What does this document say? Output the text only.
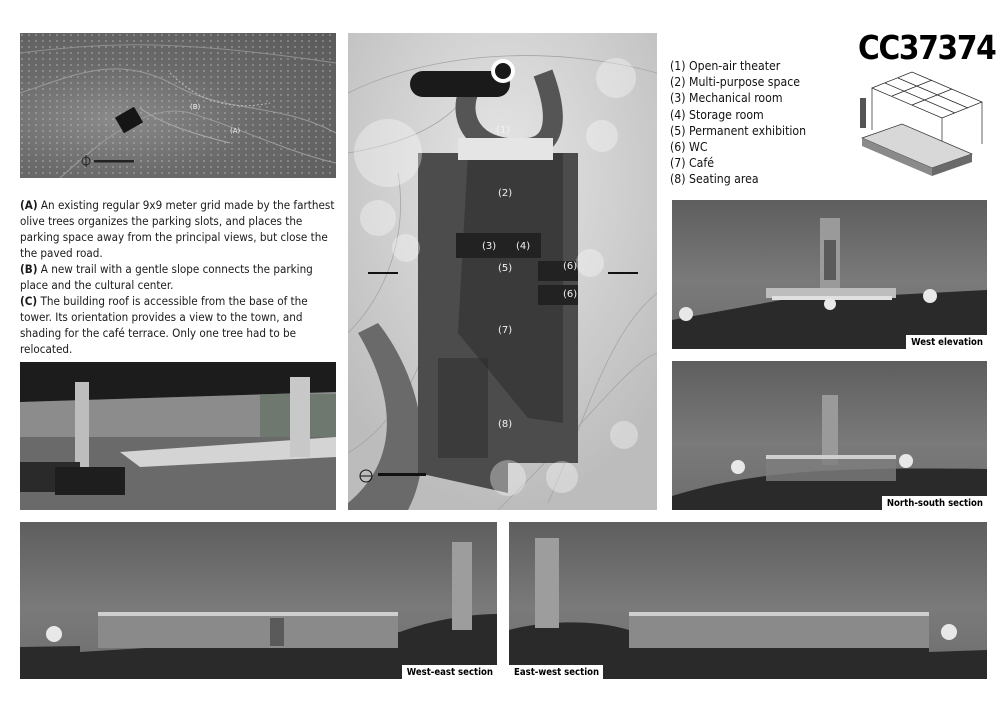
(B)
(A)

(A) An existing regular 9x9 meter grid made by the farthest olive trees organizes the parking slots, and places the parking space away from the principal views, but close the the paved road.

(B) A new trail with a gentle slope connects the parking place and the cultural center.

(C) The building roof is accessible from the base of the tower. Its orientation provides a view to the town, and shading for the café terrace. Only one tree had to be relocated.

(1)
(2)
(3) (4)
(5)	(6)
(6)
(7)
(8)
(1) Open-air theater
(2) Multi-purpose space
(3) Mechanical room
(4) Storage room
(5) Permanent exhibition
(6) WC
(7) Café
(8) Seating area
CC37374
West elevation
North-south section
West-east section	East-west section
